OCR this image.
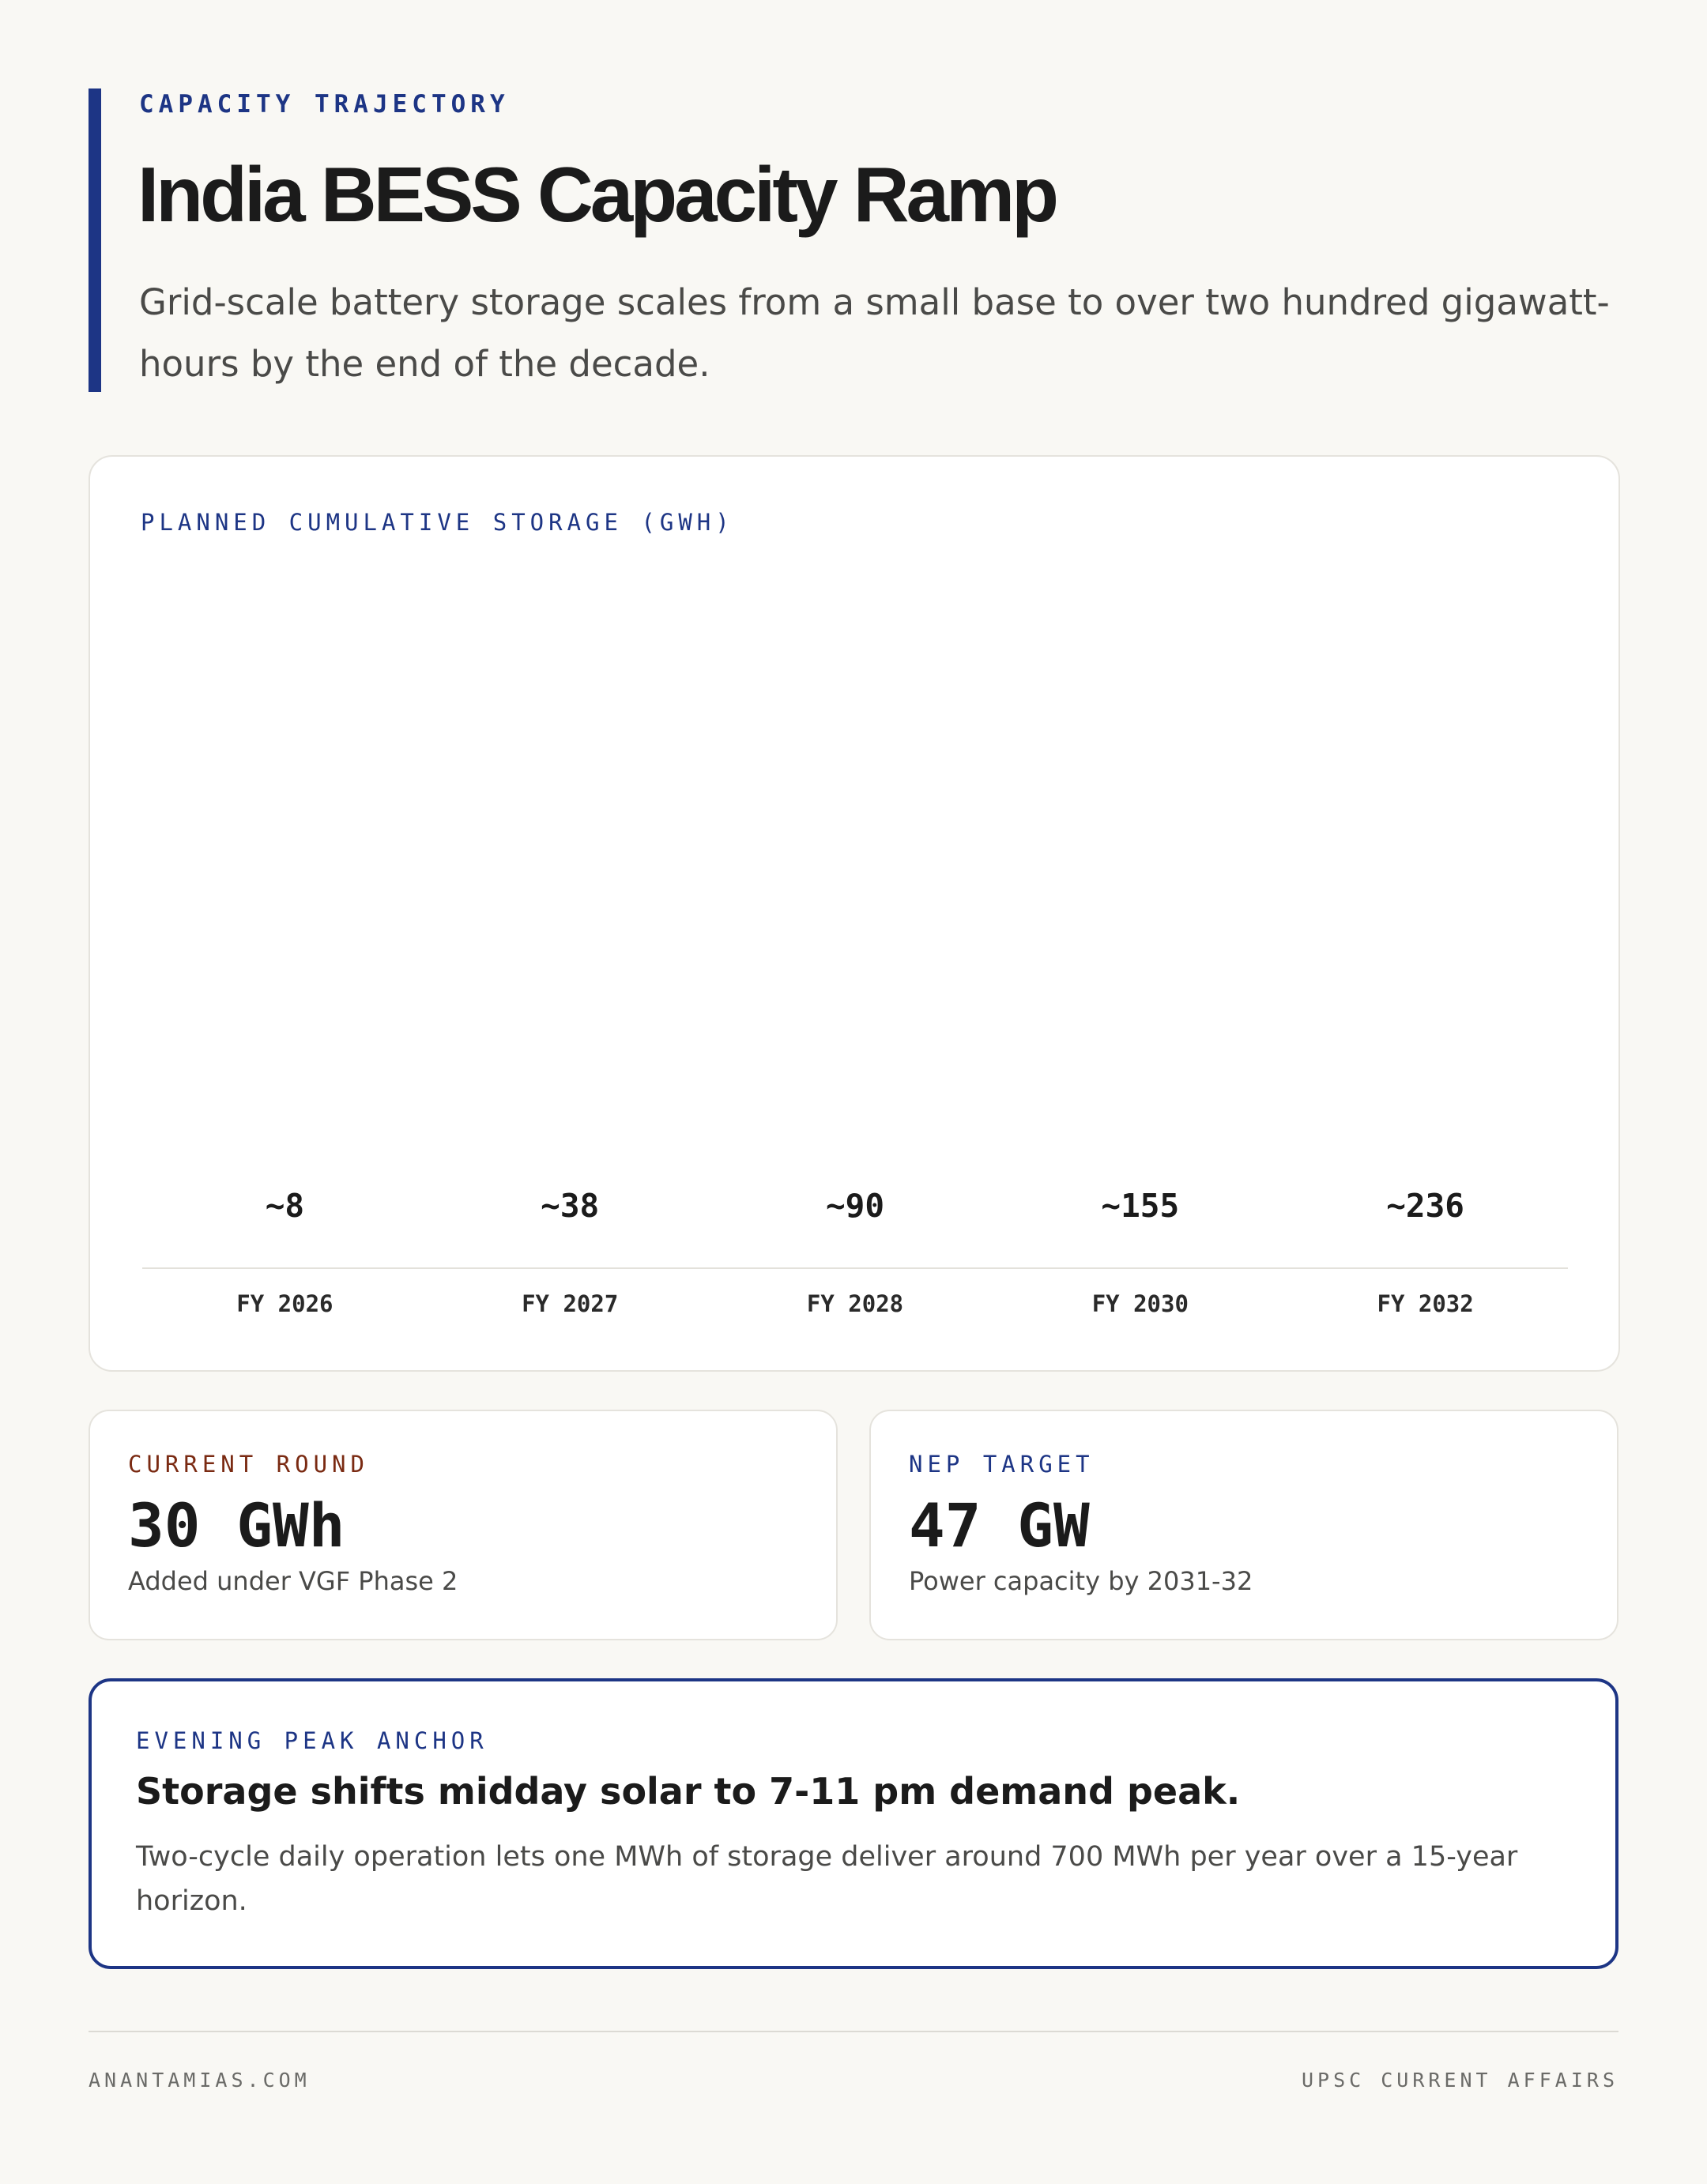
CAPACITY TRAJECTORY
India BESS Capacity Ramp
Grid-scale battery storage scales from a small base to over two hundred gigawatt-hours by the end of the decade.
PLANNED CUMULATIVE STORAGE (GWH)
~8
FY 2026
~38
FY 2027
~90
FY 2028
~155
FY 2030
~236
FY 2032
CURRENT ROUND
30 GWh
Added under VGF Phase 2
NEP TARGET
47 GW
Power capacity by 2031-32
EVENING PEAK ANCHOR
Storage shifts midday solar to 7-11 pm demand peak.
Two-cycle daily operation lets one MWh of storage deliver around 700 MWh per year over a 15-year horizon.
ANANTAMIAS.COM	UPSC CURRENT AFFAIRS
